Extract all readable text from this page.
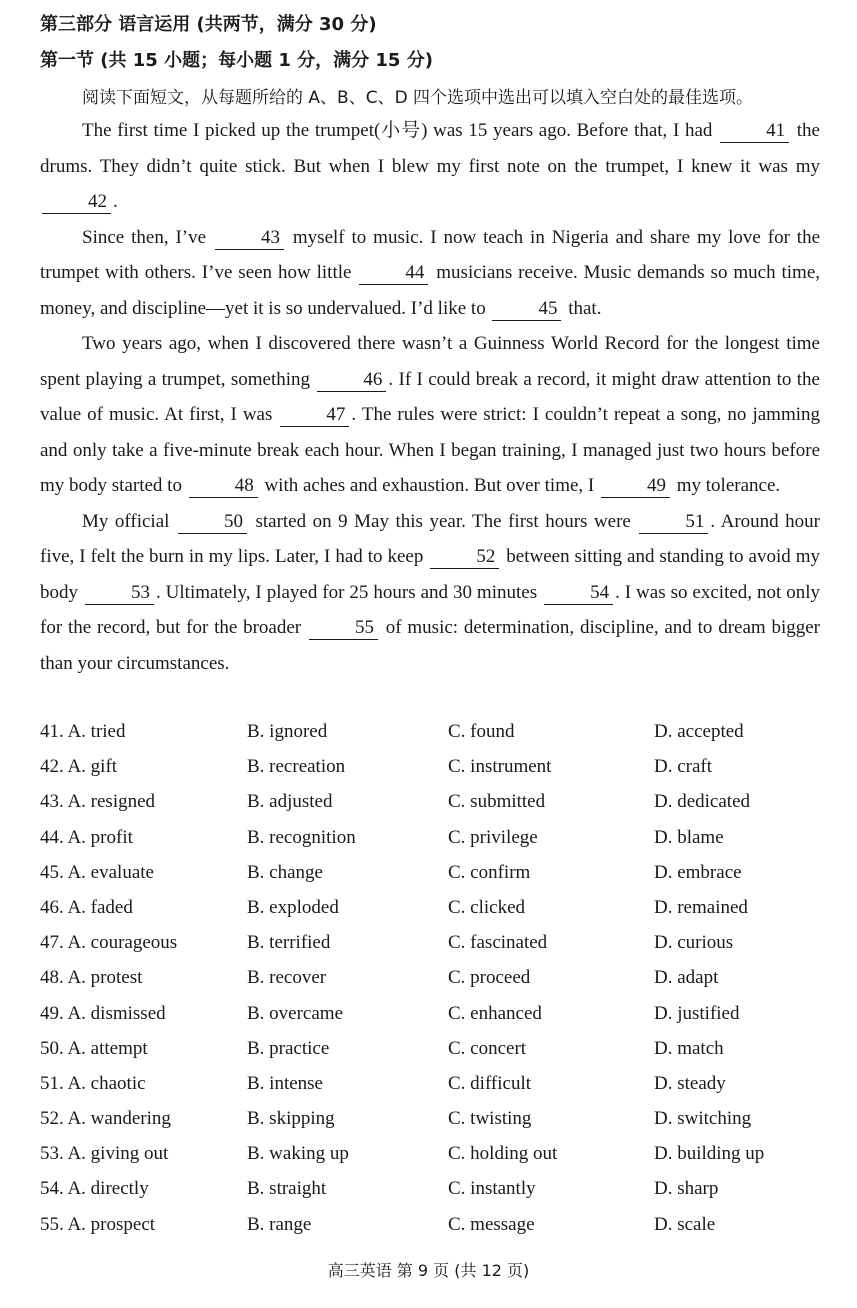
第三部分 语言运用 (共两节，满分 30 分)
第一节 (共 15 小题；每小题 1 分，满分 15 分)
阅读下面短文，从每题所给的 A、B、C、D 四个选项中选出可以填入空白处的最佳选项。

The first time I picked up the trumpet(小号) was 15 years ago. Before that, I had	41 the drums. They didn’t quite stick. But when I blew my first note on the trumpet, I knew it was my 42 .

Since then, I’ve	43 myself to music. I now teach in Nigeria and share my love for the trumpet with others. I’ve seen how little	44 musicians receive. Music demands so much time, money, and discipline—yet it is so undervalued. I’d like to	45 that.

Two years ago, when I discovered there wasn’t a Guinness World Record for the longest time spent playing a trumpet, something	46 . If I could break a record, it might draw attention to the value of music. At first, I was	47 . The rules were strict: I couldn’t repeat a song, no jamming and only take a five-minute break each hour. When I began training, I managed just two hours before my body started to	48 with aches and exhaustion. But over time, I	49 my tolerance.

My official	50 started on 9 May this year. The first hours were	51 . Around hour five, I felt the burn in my lips. Later, I had to keep	52 between sitting and standing to avoid my body	53 . Ultimately, I played for 25 hours and 30 minutes	54 . I was so excited, not only for the record, but for the broader	55 of music: determination, discipline, and to dream bigger than your circumstances.

41. A. tried	B. ignored	C. found	D. accepted
42. A. gift	B. recreation	C. instrument	D. craft
43. A. resigned	B. adjusted	C. submitted	D. dedicated
44. A. profit	B. recognition	C. privilege	D. blame
45. A. evaluate	B. change	C. confirm	D. embrace
46. A. faded	B. exploded	C. clicked	D. remained
47. A. courageous	B. terrified	C. fascinated	D. curious
48. A. protest	B. recover	C. proceed	D. adapt
49. A. dismissed	B. overcame	C. enhanced	D. justified
50. A. attempt	B. practice	C. concert	D. match
51. A. chaotic	B. intense	C. difficult	D. steady
52. A. wandering	B. skipping	C. twisting	D. switching
53. A. giving out	B. waking up	C. holding out	D. building up
54. A. directly	B. straight	C. instantly	D. sharp
55. A. prospect	B. range	C. message	D. scale
高三英语 第 9 页 (共 12 页)
